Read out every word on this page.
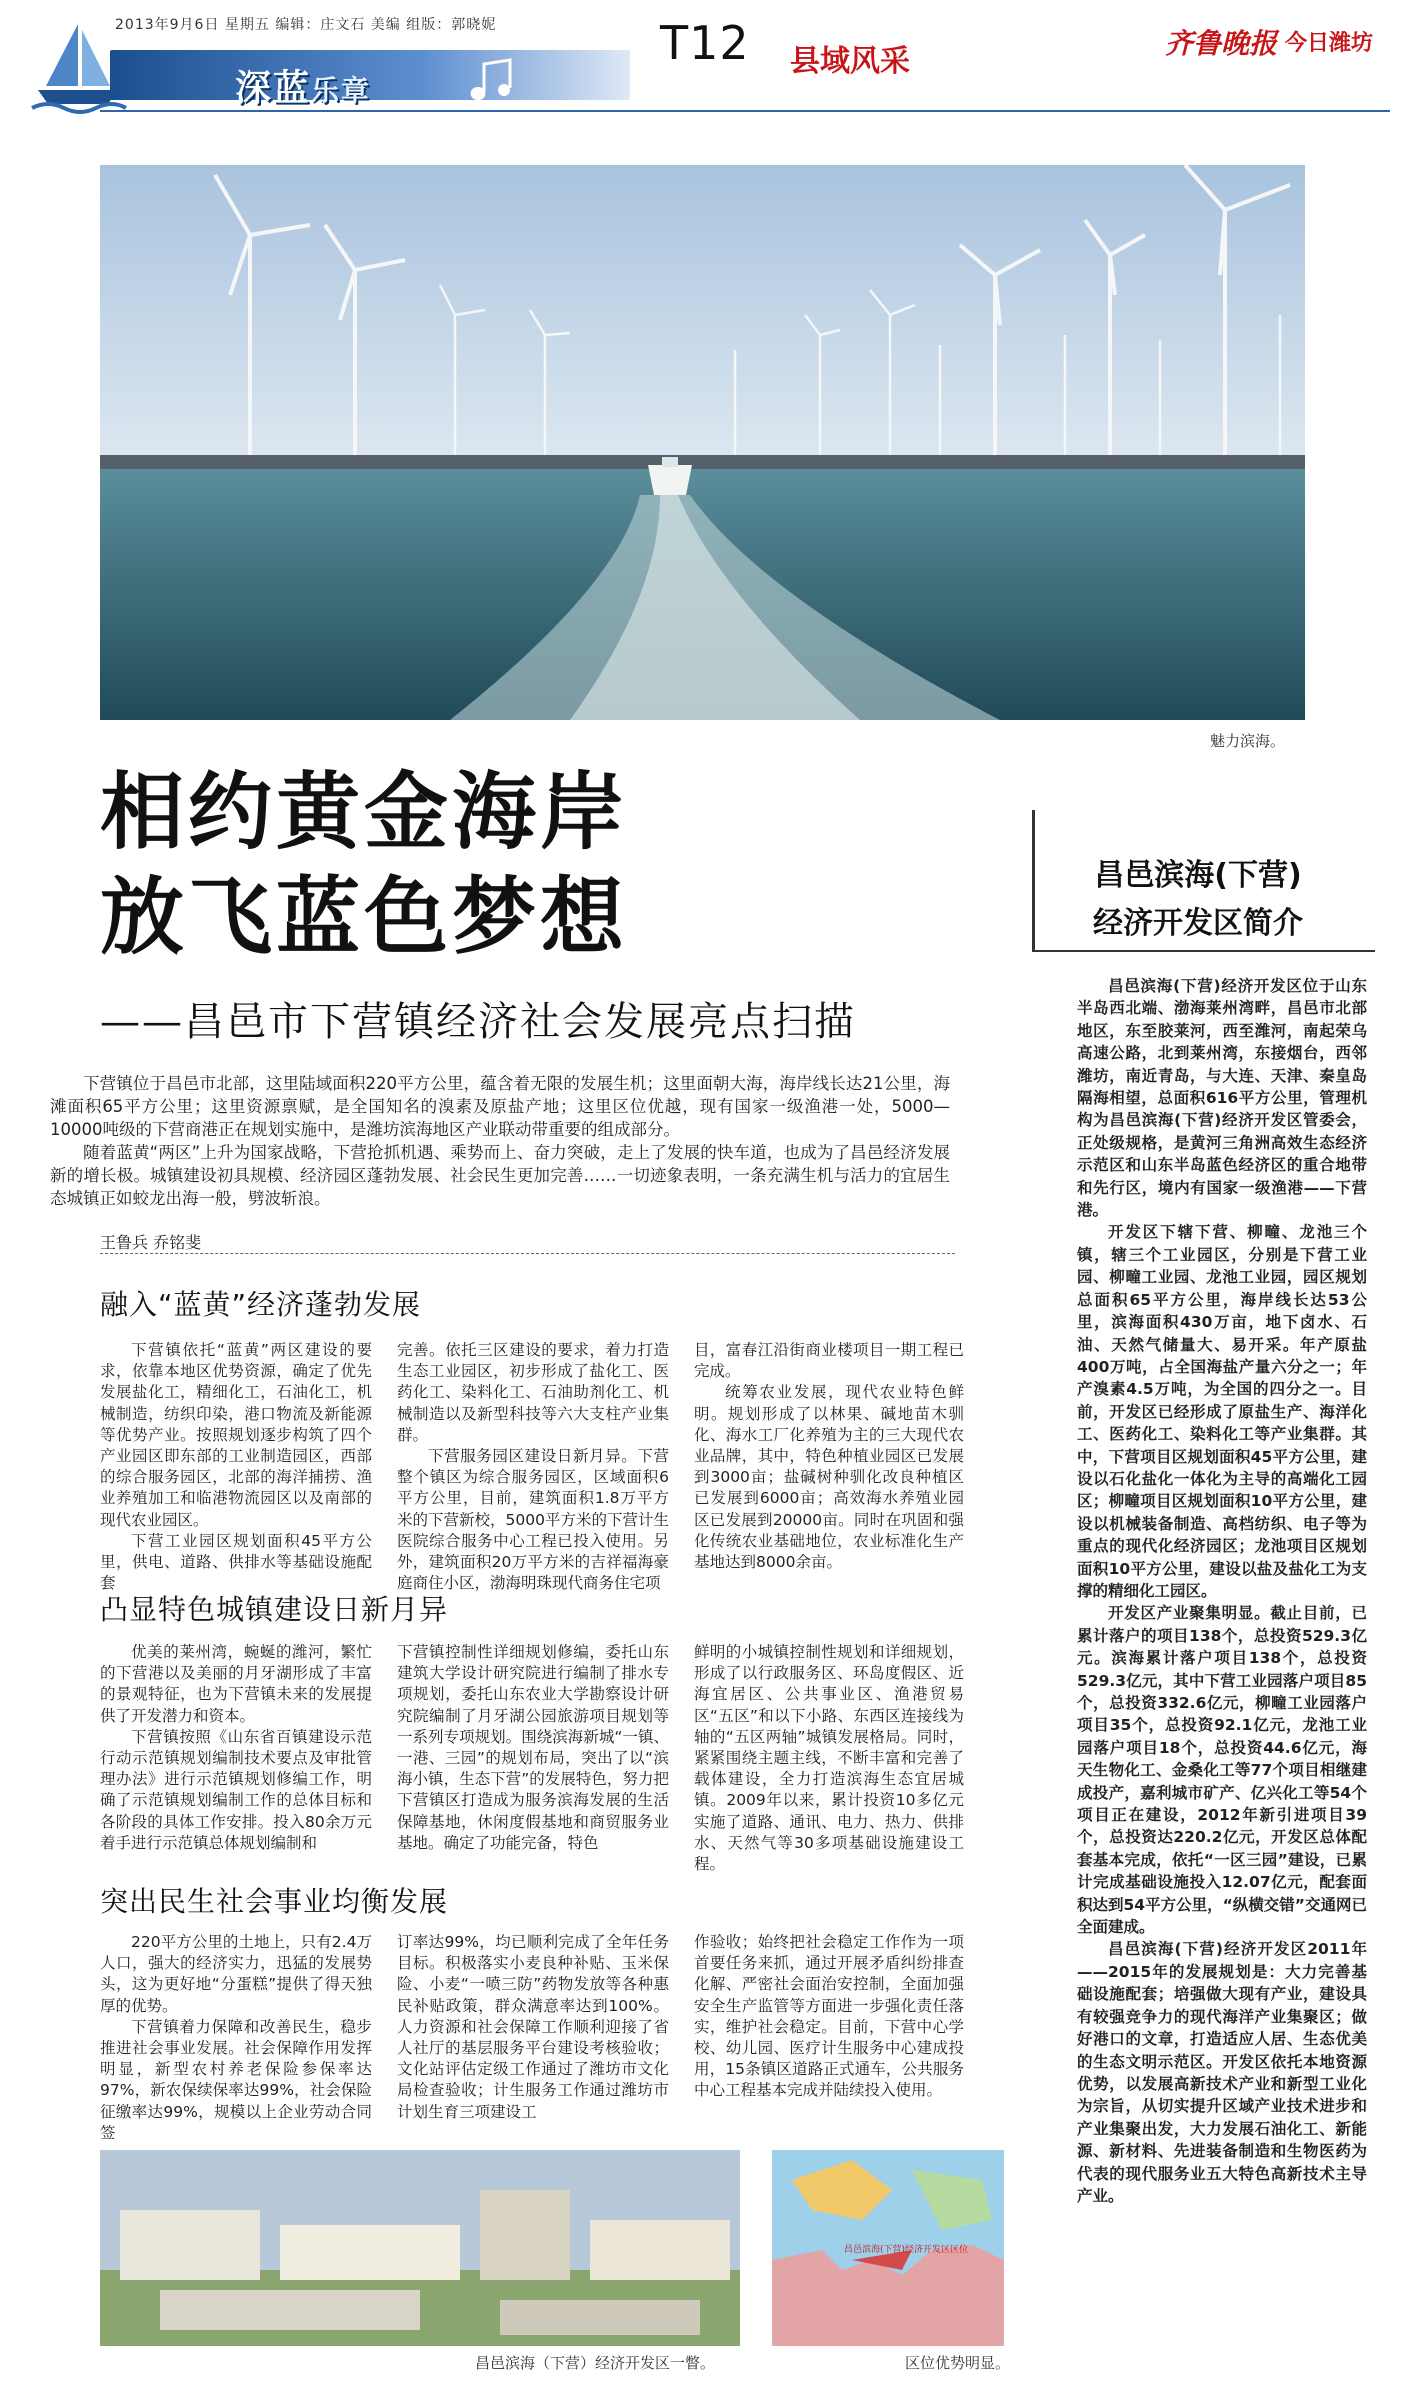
2013年9月6日 星期五 编辑：庄文石 美编 组版：郭晓妮
深蓝乐章
T12 县域风采
齐鲁晚报 今日潍坊
魅力滨海。
相约黄金海岸
放飞蓝色梦想
——昌邑市下营镇经济社会发展亮点扫描
下营镇位于昌邑市北部，这里陆域面积220平方公里，蕴含着无限的发展生机；这里面朝大海，海岸线长达21公里，海滩面积65平方公里；这里资源禀赋，是全国知名的溴素及原盐产地；这里区位优越，现有国家一级渔港一处，5000—10000吨级的下营商港正在规划实施中，是潍坊滨海地区产业联动带重要的组成部分。
随着蓝黄“两区”上升为国家战略，下营抢抓机遇、乘势而上、奋力突破，走上了发展的快车道，也成为了昌邑经济发展新的增长极。城镇建设初具规模、经济园区蓬勃发展、社会民生更加完善……一切迹象表明，一条充满生机与活力的宜居生态城镇正如蛟龙出海一般，劈波斩浪。
王鲁兵 乔铭斐
融入“蓝黄”经济蓬勃发展

下营镇依托“蓝黄”两区建设的要求，依靠本地区优势资源，确定了优先发展盐化工，精细化工，石油化工，机械制造，纺织印染，港口物流及新能源等优势产业。按照规划逐步构筑了四个产业园区即东部的工业制造园区，西部的综合服务园区，北部的海洋捕捞、渔业养殖加工和临港物流园区以及南部的现代农业园区。

下营工业园区规划面积45平方公里，供电、道路、供排水等基础设施配套

完善。依托三区建设的要求，着力打造生态工业园区，初步形成了盐化工、医药化工、染料化工、石油助剂化工、机械制造以及新型科技等六大支柱产业集群。

下营服务园区建设日新月异。下营整个镇区为综合服务园区，区域面积6平方公里，目前，建筑面积1.8万平方米的下营新校，5000平方米的下营计生医院综合服务中心工程已投入使用。另外，建筑面积20万平方米的吉祥福海豪庭商住小区，渤海明珠现代商务住宅项

目，富春江沿街商业楼项目一期工程已完成。

统筹农业发展，现代农业特色鲜明。规划形成了以林果、碱地苗木驯化、海水工厂化养殖为主的三大现代农业品牌，其中，特色种植业园区已发展到3000亩；盐碱树种驯化改良种植区已发展到6000亩；高效海水养殖业园区已发展到20000亩。同时在巩固和强化传统农业基础地位，农业标准化生产基地达到8000余亩。

凸显特色城镇建设日新月异

优美的莱州湾，蜿蜒的潍河，繁忙的下营港以及美丽的月牙湖形成了丰富的景观特征，也为下营镇未来的发展提供了开发潜力和资本。

下营镇按照《山东省百镇建设示范行动示范镇规划编制技术要点及审批管理办法》进行示范镇规划修编工作，明确了示范镇规划编制工作的总体目标和各阶段的具体工作安排。投入80余万元着手进行示范镇总体规划编制和

下营镇控制性详细规划修编，委托山东建筑大学设计研究院进行编制了排水专项规划，委托山东农业大学勘察设计研究院编制了月牙湖公园旅游项目规划等一系列专项规划。围绕滨海新城“一镇、一港、三园”的规划布局，突出了以“滨海小镇，生态下营”的发展特色，努力把下营镇区打造成为服务滨海发展的生活保障基地，休闲度假基地和商贸服务业基地。确定了功能完备，特色

鲜明的小城镇控制性规划和详细规划，形成了以行政服务区、环岛度假区、近海宜居区、公共事业区、渔港贸易区“五区”和以下小路、东西区连接线为轴的“五区两轴”城镇发展格局。同时，紧紧围绕主题主线，不断丰富和完善了载体建设，全力打造滨海生态宜居城镇。2009年以来，累计投资10多亿元实施了道路、通讯、电力、热力、供排水、天然气等30多项基础设施建设工程。

突出民生社会事业均衡发展

220平方公里的土地上，只有2.4万人口，强大的经济实力，迅猛的发展势头，这为更好地“分蛋糕”提供了得天独厚的优势。

下营镇着力保障和改善民生，稳步推进社会事业发展。社会保障作用发挥明显，新型农村养老保险参保率达97%，新农保续保率达99%，社会保险征缴率达99%，规模以上企业劳动合同签

订率达99%，均已顺利完成了全年任务目标。积极落实小麦良种补贴、玉米保险、小麦“一喷三防”药物发放等各种惠民补贴政策，群众满意率达到100%。人力资源和社会保障工作顺利迎接了省人社厅的基层服务平台建设考核验收；文化站评估定级工作通过了潍坊市文化局检查验收；计生服务工作通过潍坊市计划生育三项建设工

作验收；始终把社会稳定工作作为一项首要任务来抓，通过开展矛盾纠纷排查化解、严密社会面治安控制，全面加强安全生产监管等方面进一步强化责任落实，维护社会稳定。目前，下营中心学校、幼儿园、医疗计生服务中心建成投用，15条镇区道路正式通车，公共服务中心工程基本完成并陆续投入使用。

昌邑滨海(下营)
经济开发区简介

昌邑滨海(下营)经济开发区位于山东半岛西北端、渤海莱州湾畔，昌邑市北部地区，东至胶莱河，西至潍河，南起荣乌高速公路，北到莱州湾，东接烟台，西邻潍坊，南近青岛，与大连、天津、秦皇岛隔海相望，总面积616平方公里，管理机构为昌邑滨海(下营)经济开发区管委会，正处级规格，是黄河三角洲高效生态经济示范区和山东半岛蓝色经济区的重合地带和先行区，境内有国家一级渔港——下营港。

开发区下辖下营、柳疃、龙池三个镇，辖三个工业园区，分别是下营工业园、柳疃工业园、龙池工业园，园区规划总面积65平方公里，海岸线长达53公里，滨海面积430万亩，地下卤水、石油、天然气储量大、易开采。年产原盐400万吨，占全国海盐产量六分之一；年产溴素4.5万吨，为全国的四分之一。目前，开发区已经形成了原盐生产、海洋化工、医药化工、染料化工等产业集群。其中，下营项目区规划面积45平方公里，建设以石化盐化一体化为主导的高端化工园区；柳疃项目区规划面积10平方公里，建设以机械装备制造、高档纺织、电子等为重点的现代化经济园区；龙池项目区规划面积10平方公里，建设以盐及盐化工为支撑的精细化工园区。

开发区产业聚集明显。截止目前，已累计落户的项目138个，总投资529.3亿元。滨海累计落户项目138个，总投资529.3亿元，其中下营工业园落户项目85个，总投资332.6亿元，柳疃工业园落户项目35个，总投资92.1亿元，龙池工业园落户项目18个，总投资44.6亿元，海天生物化工、金桑化工等77个项目相继建成投产，嘉利城市矿产、亿兴化工等54个项目正在建设，2012年新引进项目39个，总投资达220.2亿元，开发区总体配套基本完成，依托“一区三园”建设，已累计完成基础设施投入12.07亿元，配套面积达到54平方公里，“纵横交错”交通网已全面建成。

昌邑滨海(下营)经济开发区2011年——2015年的发展规划是：大力完善基础设施配套；培强做大现有产业，建设具有较强竞争力的现代海洋产业集聚区；做好港口的文章，打造适应人居、生态优美的生态文明示范区。开发区依托本地资源优势，以发展高新技术产业和新型工业化为宗旨，从切实提升区域产业技术进步和产业集聚出发，大力发展石油化工、新能源、新材料、先进装备制造和生物医药为代表的现代服务业五大特色高新技术主导产业。

昌邑滨海（下营）经济开发区一瞥。
昌邑滨海(下营)经济开发区区位
区位优势明显。
